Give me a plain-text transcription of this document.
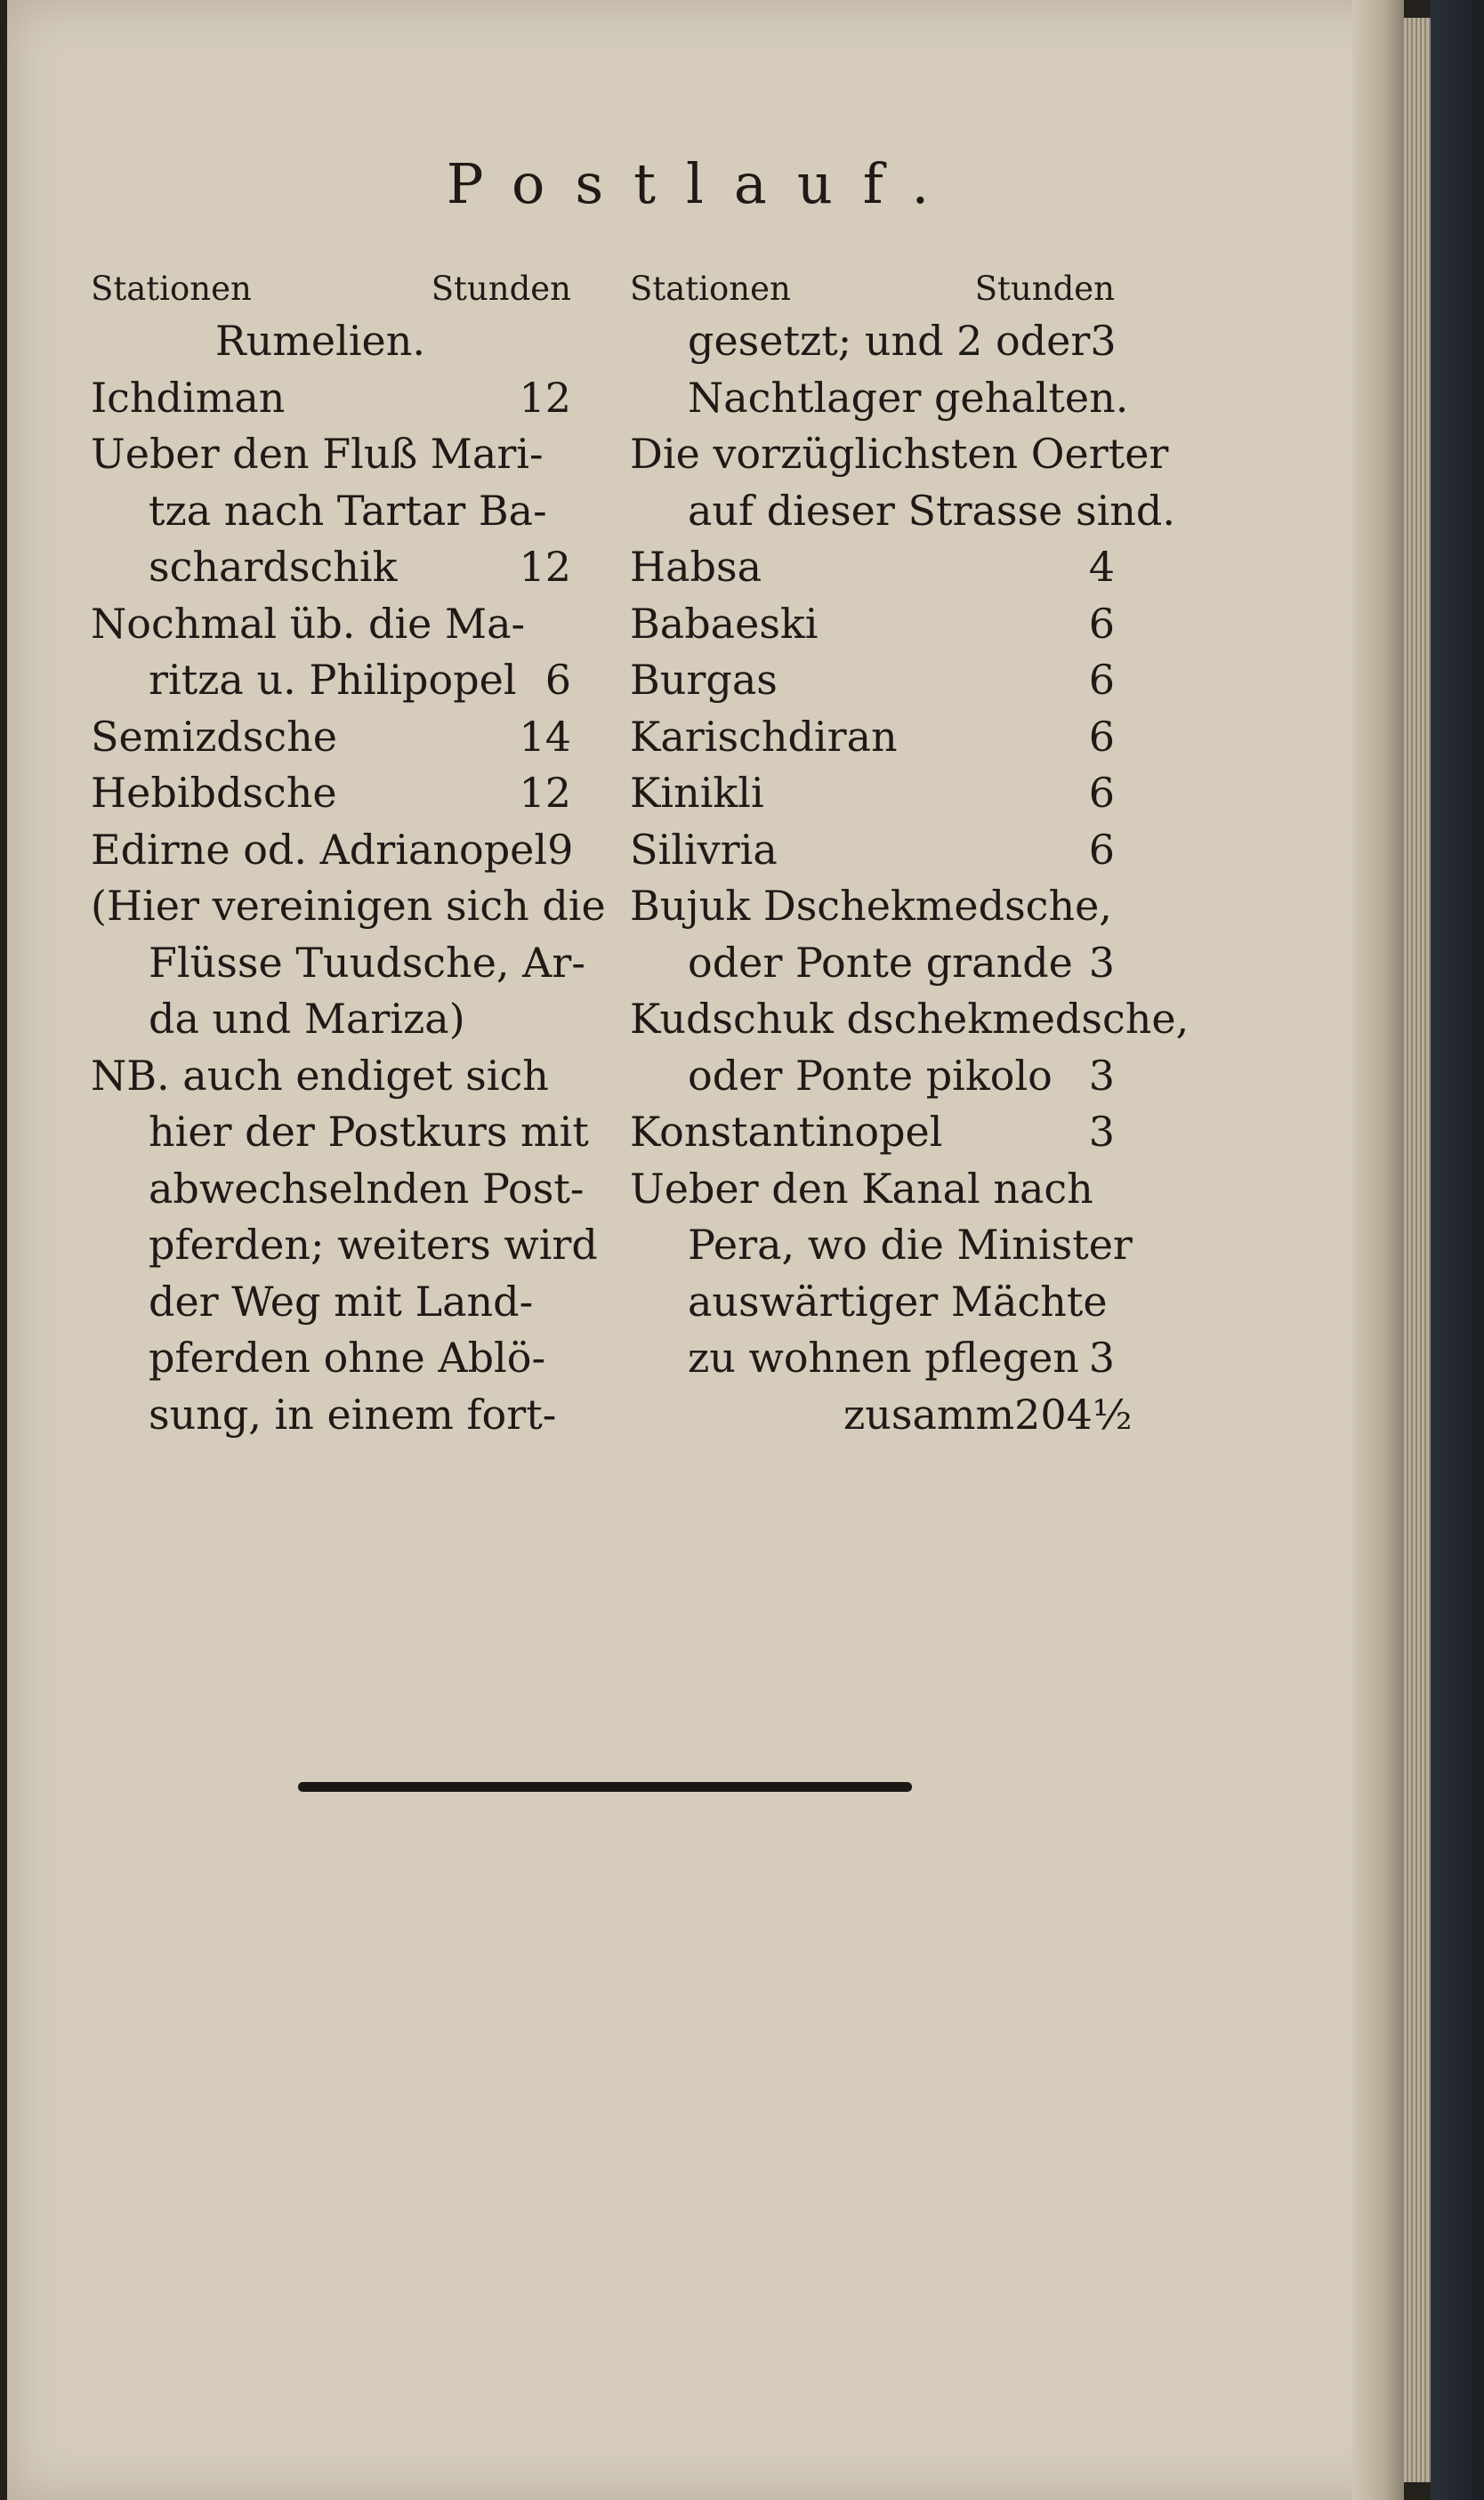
Postlauf.
Stationen	Stunden
Rumelien.
Ichdiman	12
Ueber den Fluß Mari-
tza nach Tartar Ba-
schardschik	12
Nochmal üb. die Ma-
ritza u. Philipopel 6
Semizdsche	14
Hebibdsche	12
Edirne od. Adrianopel 9
(Hier vereinigen sich die
Flüsse Tuudsche, Ar-
da und Mariza)
NB. auch endiget sich
hier der Postkurs mit
abwechselnden Post-
pferden; weiters wird
der Weg mit Land-
pferden ohne Ablö-
sung, in einem fort-
Stationen	Stunden
gesetzt; und 2 oder 3
Nachtlager gehalten.
Die vorzüglichsten Oerter
auf dieser Strasse sind.
Habsa	4
Babaeski	6
Burgas	6
Karischdiran	6
Kinikli	6
Silivria	6
Bujuk Dschekmedsche,
oder Ponte grande 3
Kudschuk dschekmedsche,
oder Ponte pikolo 3
Konstantinopel	3
Ueber den Kanal nach
Pera, wo die Minister
auswärtiger Mächte
zu wohnen pflegen 3
zusamm 204½
